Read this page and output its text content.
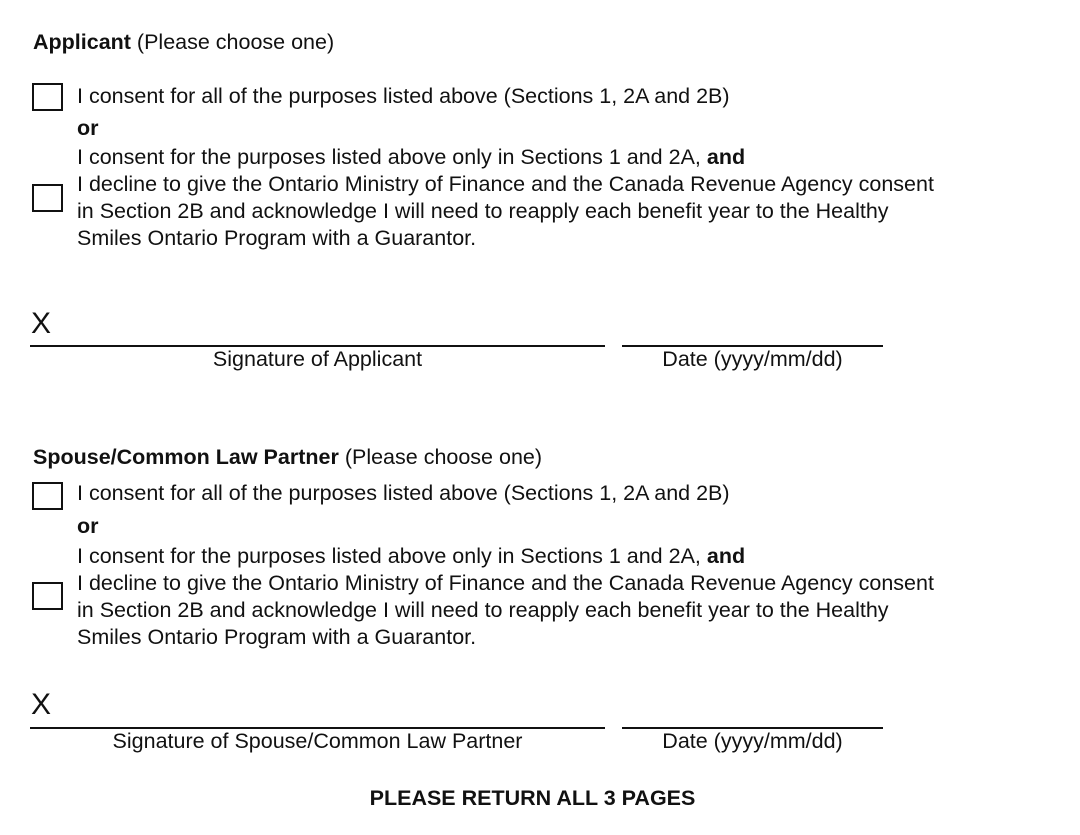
Applicant (Please choose one)
I consent for all of the purposes listed above (Sections 1, 2A and 2B)
or
I consent for the purposes listed above only in Sections 1 and 2A, and
I decline to give the Ontario Ministry of Finance and the Canada Revenue Agency consent
in Section 2B and acknowledge I will need to reapply each benefit year to the Healthy
Smiles Ontario Program with a Guarantor.
X
Signature of Applicant	Date (yyyy/mm/dd)
Spouse/Common Law Partner (Please choose one)
I consent for all of the purposes listed above (Sections 1, 2A and 2B)
or
I consent for the purposes listed above only in Sections 1 and 2A, and
I decline to give the Ontario Ministry of Finance and the Canada Revenue Agency consent
in Section 2B and acknowledge I will need to reapply each benefit year to the Healthy
Smiles Ontario Program with a Guarantor.
X
Signature of Spouse/Common Law Partner	Date (yyyy/mm/dd)
PLEASE RETURN ALL 3 PAGES
